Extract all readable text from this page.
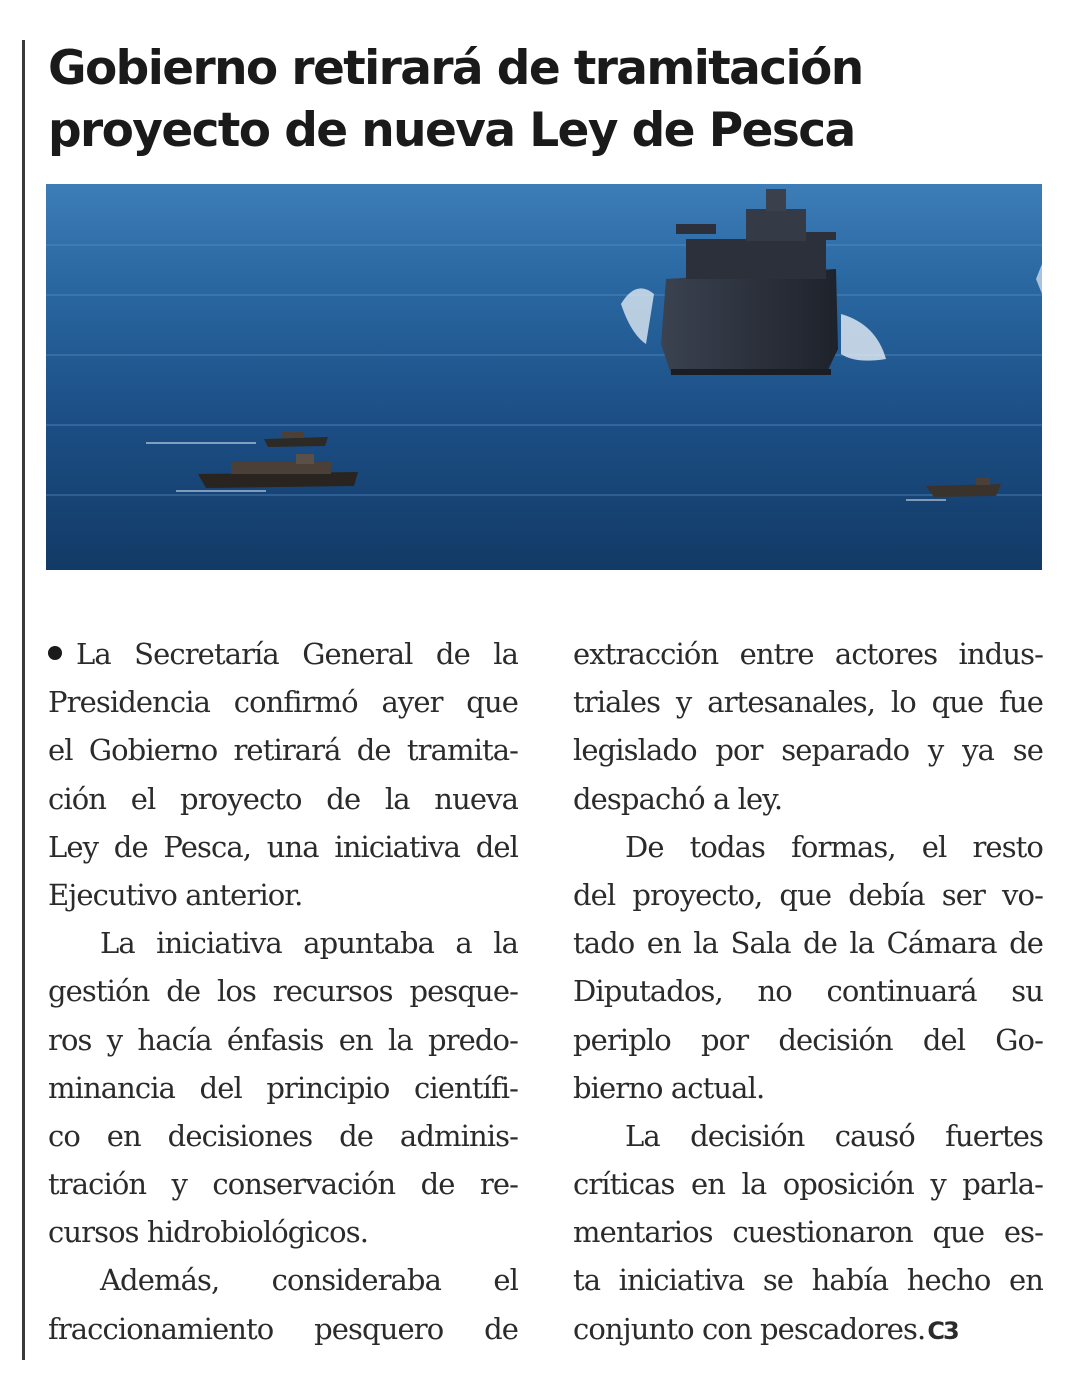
Gobierno retirará de tramitación
proyecto de nueva Ley de Pesca
La Secretaría General de la
Presidencia confirmó ayer que
el Gobierno retirará de tramita-
ción el proyecto de la nueva
Ley de Pesca, una iniciativa del
Ejecutivo anterior.
La iniciativa apuntaba a la
gestión de los recursos pesque-
ros y hacía énfasis en la predo-
minancia del principio científi-
co en decisiones de adminis-
tración y conservación de re-
cursos hidrobiológicos.
Además, consideraba el
fraccionamiento pesquero de
extracción entre actores indus-
triales y artesanales, lo que fue
legislado por separado y ya se
despachó a ley.
De todas formas, el resto
del proyecto, que debía ser vo-
tado en la Sala de la Cámara de
Diputados, no continuará su
periplo por decisión del Go-
bierno actual.
La decisión causó fuertes
críticas en la oposición y parla-
mentarios cuestionaron que es-
ta iniciativa se había hecho en
conjunto con pescadores.C3
